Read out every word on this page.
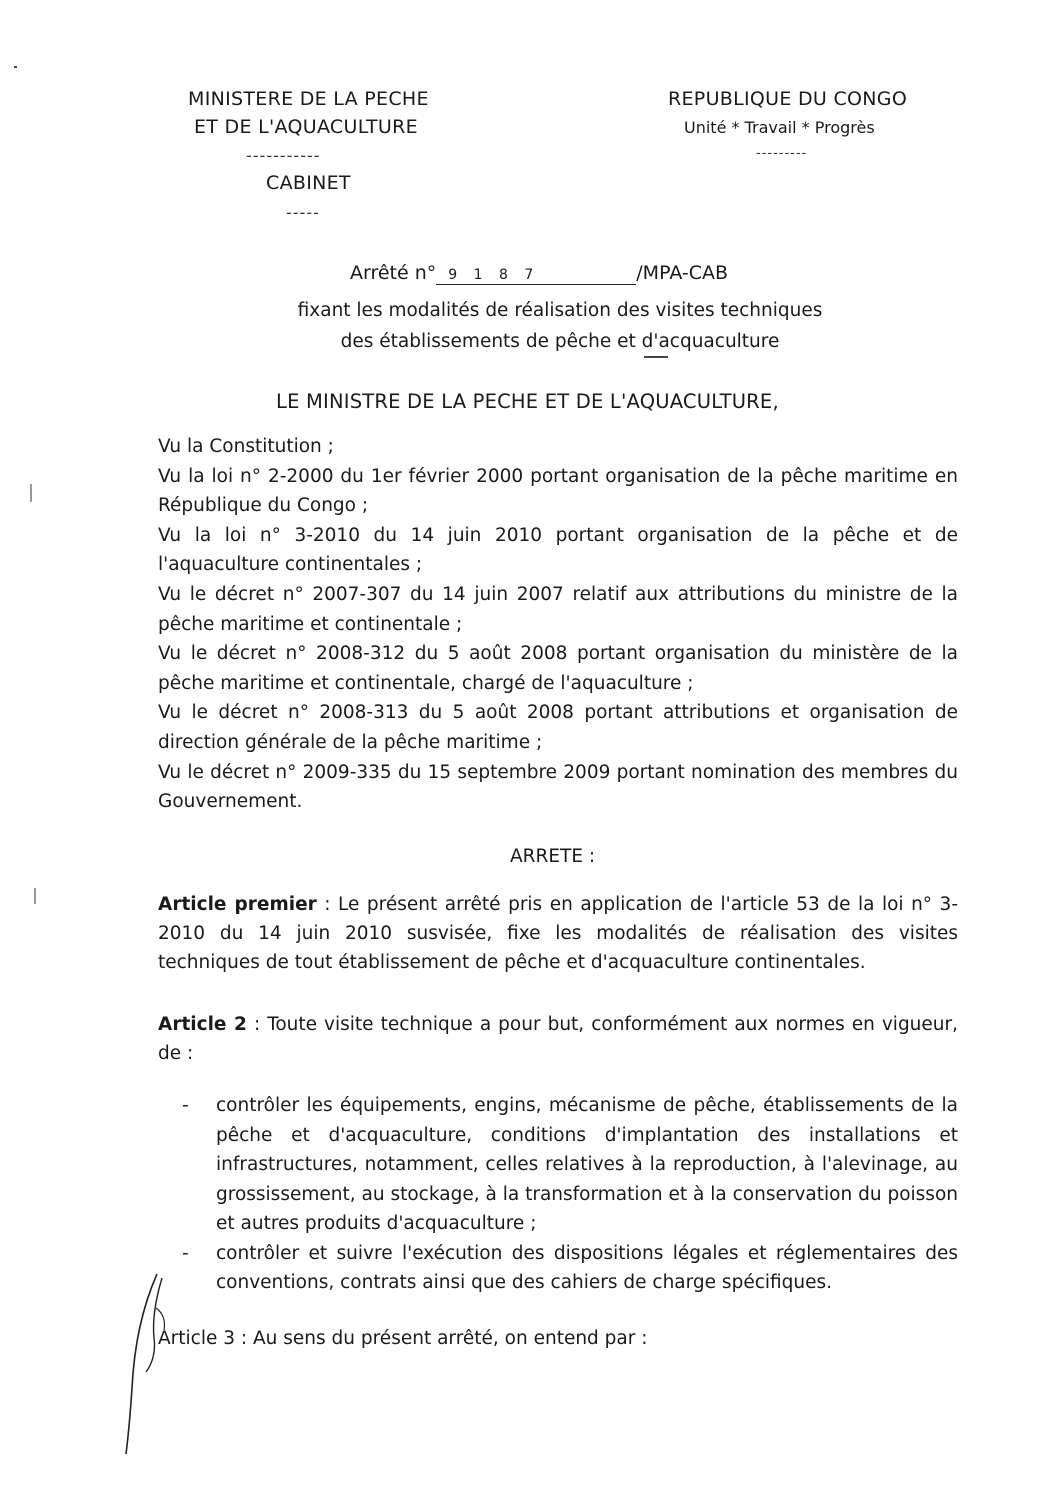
MINISTERE DE LA PECHE
ET DE L'AQUACULTURE
-----------
CABINET
-----
REPUBLIQUE DU CONGO
Unité * Travail * Progrès
---------
Arrêté n° 9 1 8 7	/MPA-CAB
fixant les modalités de réalisation des visites techniques
des établissements de pêche et d'acquaculture
LE MINISTRE DE LA PECHE ET DE L'AQUACULTURE,

Vu la Constitution ;

Vu la loi n° 2-2000 du 1er février 2000 portant organisation de la pêche maritime en République du Congo ;

Vu la loi n° 3-2010 du 14 juin 2010 portant organisation de la pêche et de l'aquaculture continentales ;

Vu le décret n° 2007-307 du 14 juin 2007 relatif aux attributions du ministre de la pêche maritime et continentale ;

Vu le décret n° 2008-312 du 5 août 2008 portant organisation du ministère de la pêche maritime et continentale, chargé de l'aquaculture ;

Vu le décret n° 2008-313 du 5 août 2008 portant attributions et organisation de direction générale de la pêche maritime ;

Vu le décret n° 2009-335 du 15 septembre 2009 portant nomination des membres du Gouvernement.

ARRETE :

Article premier : Le présent arrêté pris en application de l'article 53 de la loi n° 3-2010 du 14 juin 2010 susvisée, fixe les modalités de réalisation des visites techniques de tout établissement de pêche et d'acquaculture continentales.

Article 2 : Toute visite technique a pour but, conformément aux normes en vigueur, de :

- contrôler les équipements, engins, mécanisme de pêche, établissements de la pêche et d'acquaculture, conditions d'implantation des installations et infrastructures, notamment, celles relatives à la reproduction, à l'alevinage, au grossissement, au stockage, à la transformation et à la conservation du poisson et autres produits d'acquaculture ;

- contrôler et suivre l'exécution des dispositions légales et réglementaires des conventions, contrats ainsi que des cahiers de charge spécifiques.

Article 3 : Au sens du présent arrêté, on entend par :
